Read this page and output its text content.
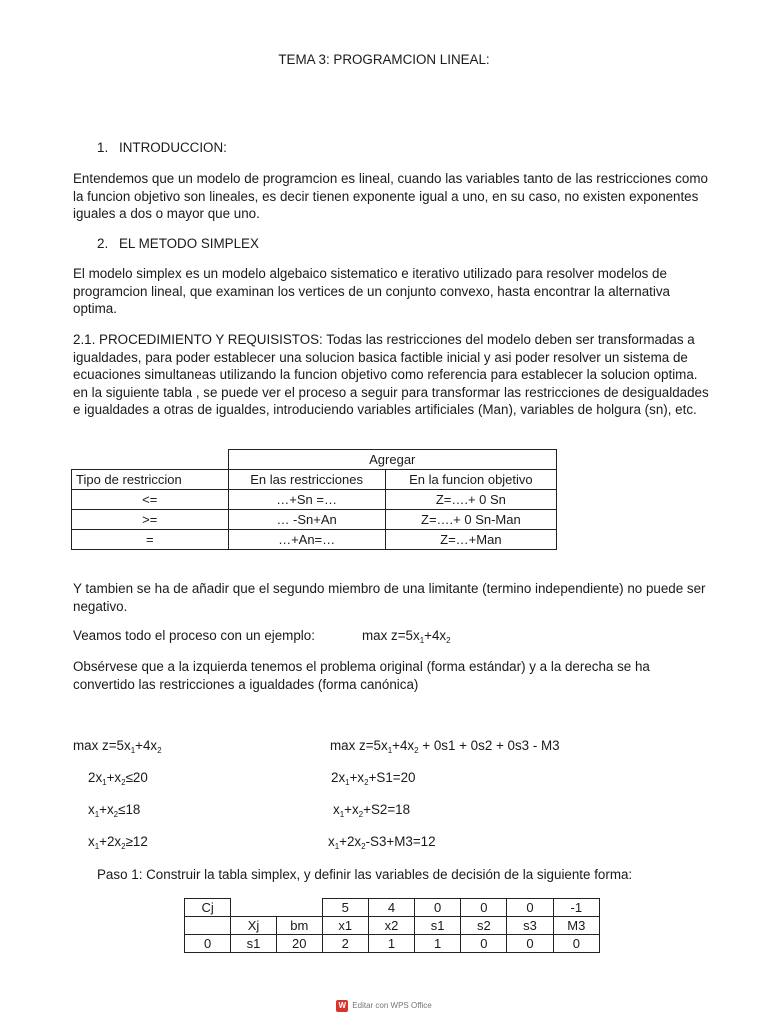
TEMA 3: PROGRAMCION LINEAL:
1. INTRODUCCION:
Entendemos que un modelo de programcion es lineal, cuando las variables tanto de las restricciones como la funcion objetivo son lineales, es decir tienen exponente igual a uno, en su caso, no existen exponentes iguales a dos o mayor que uno.
2. EL METODO SIMPLEX
El modelo simplex es un modelo algebaico sistematico e iterativo utilizado para resolver modelos de programcion lineal, que examinan los vertices de un conjunto convexo, hasta encontrar la alternativa optima.
2.1. PROCEDIMIENTO Y REQUISISTOS: Todas las restricciones del modelo deben ser transformadas a igualdades, para poder establecer una solucion basica factible inicial y asi poder resolver un sistema de ecuaciones simultaneas utilizando la funcion objetivo como referencia para establecer la solucion optima. en la siguiente tabla , se puede ver el proceso a seguir para transformar las restricciones de desigualdades e igualdades a otras de igualdes, introduciendo variables artificiales (Man), variables de holgura (sn), etc.
	Agregar	
Tipo de restriccion	En las restricciones	En la funcion objetivo
<=	…+Sn =…	Z=….+ 0 Sn
>=	… -Sn+An	Z=….+ 0 Sn-Man
=	…+An=…	Z=…+Man
Y tambien se ha de añadir que el segundo miembro de una limitante (termino independiente) no puede ser negativo.
Veamos todo el proceso con un ejemplo:	$\max z=5x_1+4x_2$
Obsérvese que a la izquierda tenemos el problema original (forma estándar) y a la derecha se ha convertido las restricciones a igualdades (forma canónica)
$\max z=5x_1+4x_2$
$2x_1+x_2\le 20$
$x_1+x_2\le 18$
$x_1+2x_2\ge 12$
$\max z=5x_1+4x_2 + 0s1 + 0s2 + 0s3 - M3$
$2x_1+x_2+S1=20$
$x_1+x_2+S2=18$
$x_1+2x_2-S3+M3=12$
Paso 1: Construir la tabla simplex, y definir las variables de decisión de la siguiente forma:
Cj			5	4	0	0	0	-1
	Xj	bm	x1	x2	s1	s2	s3	M3
0	s1	20	2	1	1	0	0	0
W Editar con WPS Office
